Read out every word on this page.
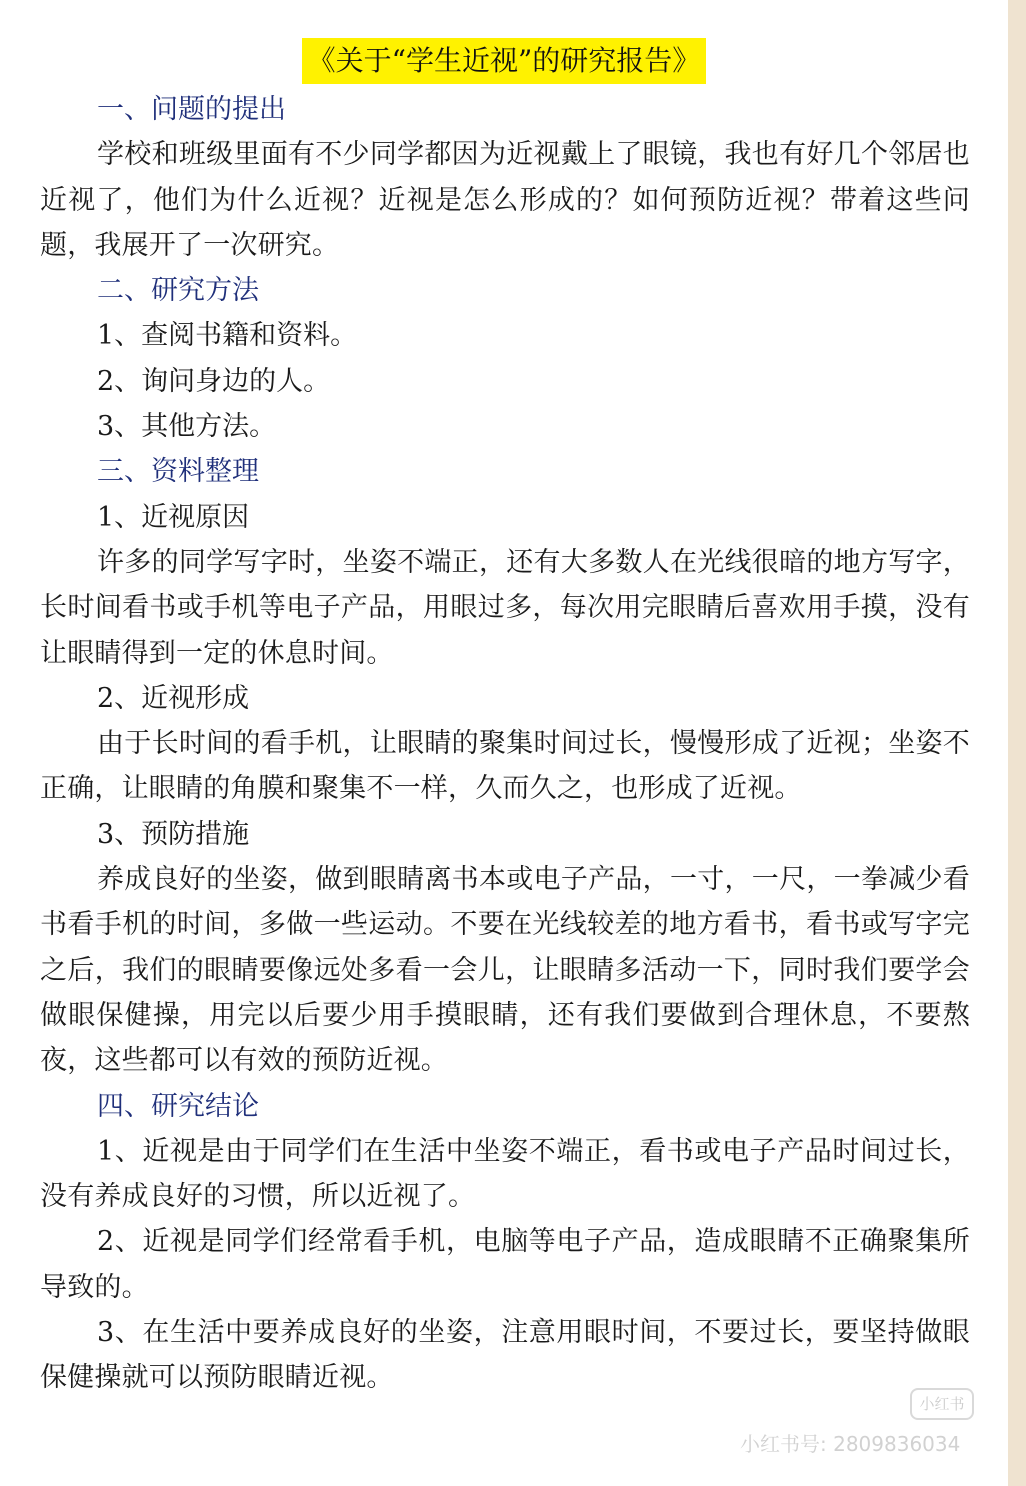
《关于“学生近视”的研究报告》
一、问题的提出
学校和班级里面有不少同学都因为近视戴上了眼镜，我也有好几个邻居也近视了，他们为什么近视？近视是怎么形成的？如何预防近视？带着这些问题，我展开了一次研究。
二、研究方法
1、查阅书籍和资料。
2、询问身边的人。
3、其他方法。
三、资料整理
1、近视原因
许多的同学写字时，坐姿不端正，还有大多数人在光线很暗的地方写字，长时间看书或手机等电子产品，用眼过多，每次用完眼睛后喜欢用手摸，没有让眼睛得到一定的休息时间。
2、近视形成
由于长时间的看手机，让眼睛的聚集时间过长，慢慢形成了近视；坐姿不正确，让眼睛的角膜和聚集不一样，久而久之，也形成了近视。
3、预防措施
养成良好的坐姿，做到眼睛离书本或电子产品，一寸，一尺，一拳减少看书看手机的时间，多做一些运动。不要在光线较差的地方看书，看书或写字完之后，我们的眼睛要像远处多看一会儿，让眼睛多活动一下，同时我们要学会做眼保健操，用完以后要少用手摸眼睛，还有我们要做到合理休息，不要熬夜，这些都可以有效的预防近视。
四、研究结论
1、近视是由于同学们在生活中坐姿不端正，看书或电子产品时间过长，没有养成良好的习惯，所以近视了。
2、近视是同学们经常看手机，电脑等电子产品，造成眼睛不正确聚集所导致的。
3、在生活中要养成良好的坐姿，注意用眼时间，不要过长，要坚持做眼保健操就可以预防眼睛近视。
小红书
小红书号: 2809836034
